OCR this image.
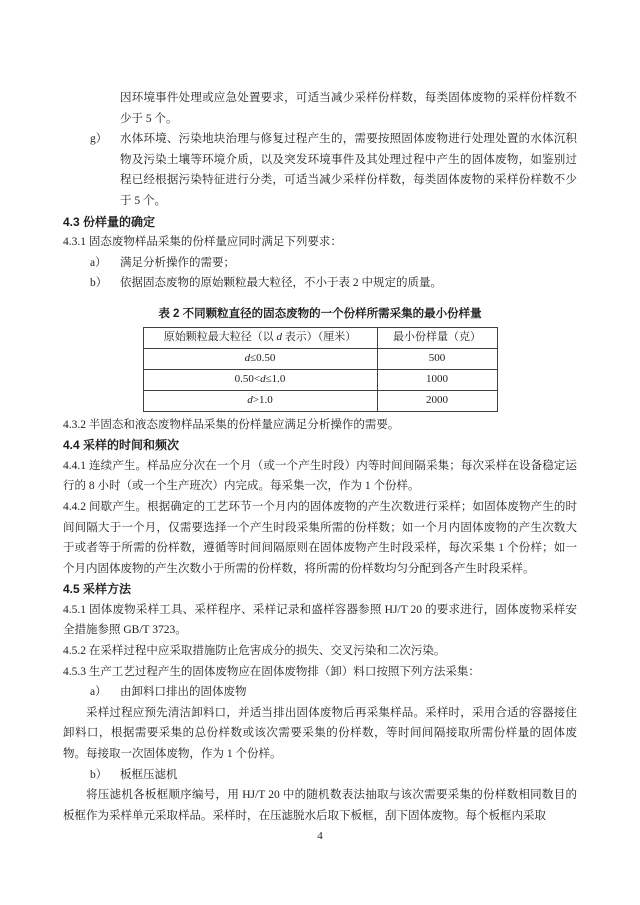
因环境事件处理或应急处置要求，可适当减少采样份样数，每类固体废物的采样份样数不少于 5 个。

g） 水体环境、污染地块治理与修复过程产生的，需要按照固体废物进行处理处置的水体沉积物及污染土壤等环境介质，以及突发环境事件及其处理过程中产生的固体废物，如鉴别过程已经根据污染特征进行分类，可适当减少采样份样数，每类固体废物的采样份样数不少于 5 个。

4.3 份样量的确定

4.3.1 固态废物样品采集的份样量应同时满足下列要求：

a） 满足分析操作的需要；

b） 依据固态废物的原始颗粒最大粒径，不小于表 2 中规定的质量。

表 2 不同颗粒直径的固态废物的一个份样所需采集的最小份样量

原始颗粒最大粒径（以 d 表示）（厘米）	最小份样量（克）
d≤0.50	500
0.50<d≤1.0	1000
d>1.0	2000

4.3.2 半固态和液态废物样品采集的份样量应满足分析操作的需要。

4.4 采样的时间和频次

4.4.1 连续产生。样品应分次在一个月（或一个产生时段）内等时间间隔采集；每次采样在设备稳定运行的 8 小时（或一个生产班次）内完成。每采集一次，作为 1 个份样。

4.4.2 间歇产生。根据确定的工艺环节一个月内的固体废物的产生次数进行采样；如固体废物产生的时间间隔大于一个月，仅需要选择一个产生时段采集所需的份样数；如一个月内固体废物的产生次数大于或者等于所需的份样数，遵循等时间间隔原则在固体废物产生时段采样，每次采集 1 个份样；如一个月内固体废物的产生次数小于所需的份样数，将所需的份样数均匀分配到各产生时段采样。

4.5 采样方法

4.5.1 固体废物采样工具、采样程序、采样记录和盛样容器参照 HJ/T 20 的要求进行，固体废物采样安全措施参照 GB/T 3723。

4.5.2 在采样过程中应采取措施防止危害成分的损失、交叉污染和二次污染。

4.5.3 生产工艺过程产生的固体废物应在固体废物排（卸）料口按照下列方法采集：

a） 由卸料口排出的固体废物

采样过程应预先清洁卸料口，并适当排出固体废物后再采集样品。采样时，采用合适的容器接住卸料口，根据需要采集的总份样数或该次需要采集的份样数，等时间间隔接取所需份样量的固体废物。每接取一次固体废物，作为 1 个份样。

b） 板框压滤机

将压滤机各板框顺序编号，用 HJ/T 20 中的随机数表法抽取与该次需要采集的份样数相同数目的板框作为采样单元采取样品。采样时，在压滤脱水后取下板框，刮下固体废物。每个板框内采取

4
